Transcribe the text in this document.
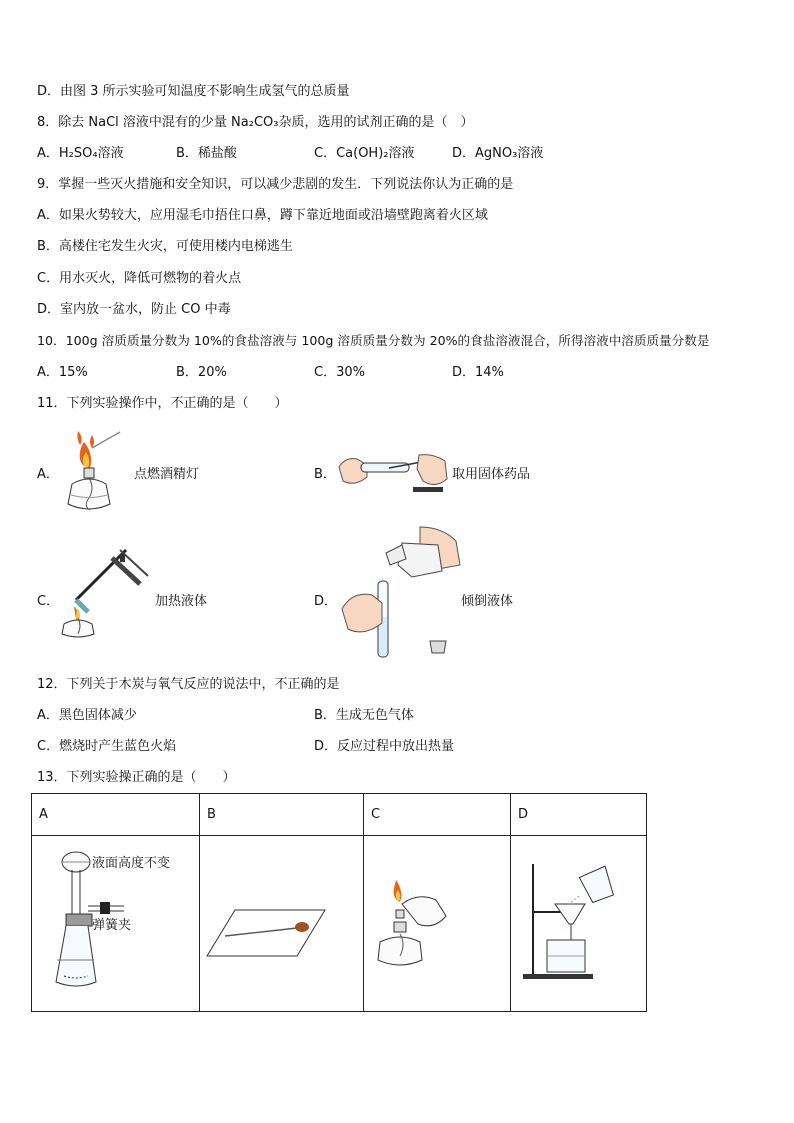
D．由图 3 所示实验可知温度不影响生成氢气的总质量
8．除去 NaCl 溶液中混有的少量 Na₂CO₃杂质，选用的试剂正确的是（　）
A．H₂SO₄溶液	B．稀盐酸	C．Ca(OH)₂溶液	D．AgNO₃溶液
9．掌握一些灭火措施和安全知识，可以减少悲剧的发生．下列说法你认为正确的是
A．如果火势较大，应用湿毛巾捂住口鼻，蹲下靠近地面或沿墙壁跑离着火区域
B．高楼住宅发生火灾，可使用楼内电梯逃生
C．用水灭火，降低可燃物的着火点
D．室内放一盆水，防止 CO 中毒
10．100g 溶质质量分数为 10%的食盐溶液与 100g 溶质质量分数为 20%的食盐溶液混合，所得溶液中溶质质量分数是
A．15%	B．20%	C．30%	D．14%
11．下列实验操作中，不正确的是（　　）
A．	点燃酒精灯	B．	取用固体药品
C．	加热液体	D．	倾倒液体
12．下列关于木炭与氧气反应的说法中，不正确的是
A．黑色固体减少	B．生成无色气体
C．燃烧时产生蓝色火焰	D．反应过程中放出热量
13．下列实验操正确的是（　　）
A	B	C	D

液面高度不变
弹簧夹
